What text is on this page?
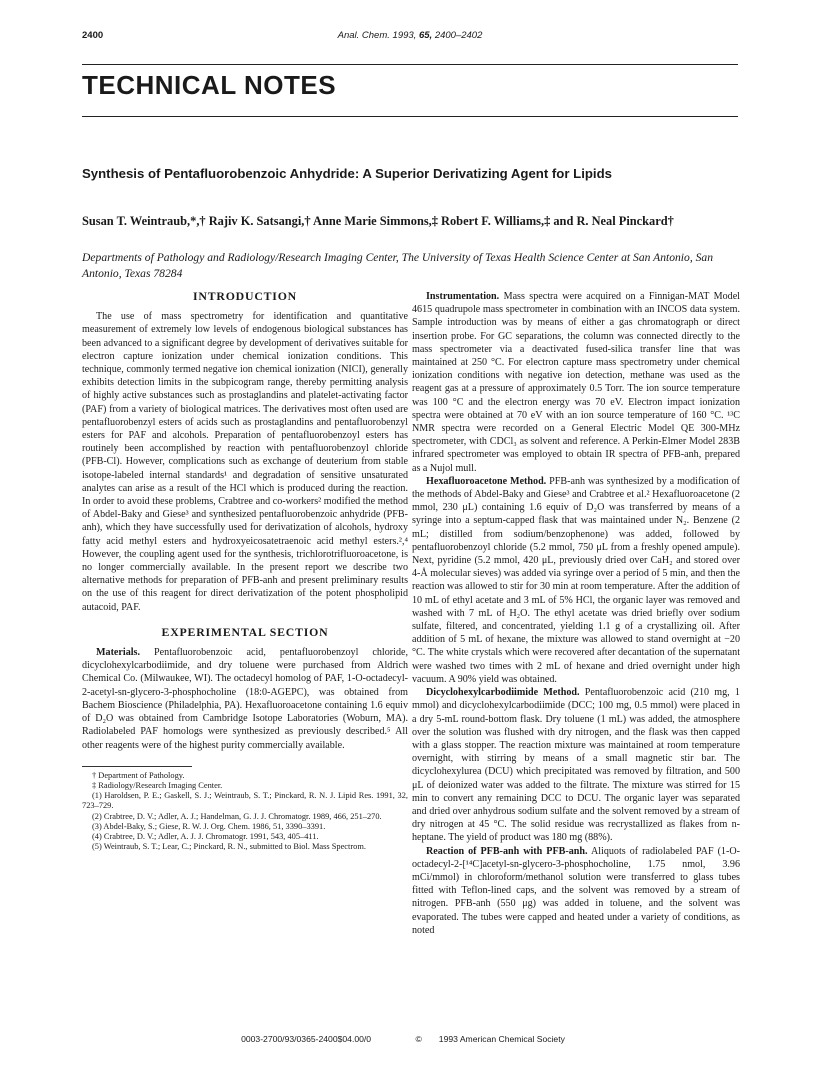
2400	Anal. Chem. 1993, 65, 2400–2402
TECHNICAL NOTES
Synthesis of Pentafluorobenzoic Anhydride: A Superior Derivatizing Agent for Lipids
Susan T. Weintraub,*,† Rajiv K. Satsangi,† Anne Marie Simmons,‡ Robert F. Williams,‡ and R. Neal Pinckard†
Departments of Pathology and Radiology/Research Imaging Center, The University of Texas Health Science Center at San Antonio, San Antonio, Texas 78284
INTRODUCTION

The use of mass spectrometry for identification and quantitative measurement of extremely low levels of endogenous biological substances has been advanced to a significant degree by development of derivatives suitable for electron capture ionization under chemical ionization conditions. This technique, commonly termed negative ion chemical ionization (NICI), generally exhibits detection limits in the subpicogram range, thereby permitting analysis of highly active substances such as prostaglandins and platelet-activating factor (PAF) from a variety of biological matrices. The derivatives most often used are pentafluorobenzyl esters of acids such as prostaglandins and pentafluorobenzyl esters for PAF and alcohols. Preparation of pentafluorobenzoyl esters has routinely been accomplished by reaction with pentafluorobenzoyl chloride (PFB-Cl). However, complications such as exchange of deuterium from stable isotope-labeled internal standards¹ and degradation of sensitive unsaturated analytes can arise as a result of the HCl which is produced during the reaction. In order to avoid these problems, Crabtree and co-workers² modified the method of Abdel-Baky and Giese³ and synthesized pentafluorobenzoic anhydride (PFB-anh), which they have successfully used for derivatization of alcohols, hydroxy fatty acid methyl esters and hydroxyeicosatetraenoic acid methyl esters.²,⁴ However, the coupling agent used for the synthesis, trichlorotrifluoroacetone, is no longer commercially available. In the present report we describe two alternative methods for preparation of PFB-anh and present preliminary results on the use of this reagent for direct derivatization of the potent phospholipid autacoid, PAF.

EXPERIMENTAL SECTION

Materials. Pentafluorobenzoic acid, pentafluorobenzoyl chloride, dicyclohexylcarbodiimide, and dry toluene were purchased from Aldrich Chemical Co. (Milwaukee, WI). The octadecyl homolog of PAF, 1-O-octadecyl-2-acetyl-sn-glycero-3-phosphocholine (18:0-AGEPC), was obtained from Bachem Bioscience (Philadelphia, PA). Hexafluoroacetone containing 1.6 equiv of D₂O was obtained from Cambridge Isotope Laboratories (Woburn, MA). Radiolabeled PAF homologs were synthesized as previously described.⁵ All other reagents were of the highest purity commercially available.

† Department of Pathology.

‡ Radiology/Research Imaging Center.

(1) Haroldsen, P. E.; Gaskell, S. J.; Weintraub, S. T.; Pinckard, R. N. J. Lipid Res. 1991, 32, 723–729.

(2) Crabtree, D. V.; Adler, A. J.; Handelman, G. J. J. Chromatogr. 1989, 466, 251–270.

(3) Abdel-Baky, S.; Giese, R. W. J. Org. Chem. 1986, 51, 3390–3391.

(4) Crabtree, D. V.; Adler, A. J. J. Chromatogr. 1991, 543, 405–411.

(5) Weintraub, S. T.; Lear, C.; Pinckard, R. N., submitted to Biol. Mass Spectrom.

Instrumentation. Mass spectra were acquired on a Finnigan-MAT Model 4615 quadrupole mass spectrometer in combination with an INCOS data system. Sample introduction was by means of either a gas chromatograph or direct insertion probe. For GC separations, the column was connected directly to the mass spectrometer via a deactivated fused-silica transfer line that was maintained at 250 °C. For electron capture mass spectrometry under chemical ionization conditions with negative ion detection, methane was used as the reagent gas at a pressure of approximately 0.5 Torr. The ion source temperature was 100 °C and the electron energy was 70 eV. Electron impact ionization spectra were obtained at 70 eV with an ion source temperature of 160 °C. ¹³C NMR spectra were recorded on a General Electric Model QE 300-MHz spectrometer, with CDCl₃ as solvent and reference. A Perkin-Elmer Model 283B infrared spectrometer was employed to obtain IR spectra of PFB-anh, prepared as a Nujol mull.

Hexafluoroacetone Method. PFB-anh was synthesized by a modification of the methods of Abdel-Baky and Giese³ and Crabtree et al.² Hexafluoroacetone (2 mmol, 230 μL) containing 1.6 equiv of D₂O was transferred by means of a syringe into a septum-capped flask that was maintained under N₂. Benzene (2 mL; distilled from sodium/benzophenone) was added, followed by pentafluorobenzoyl chloride (5.2 mmol, 750 μL from a freshly opened ampule). Next, pyridine (5.2 mmol, 420 μL, previously dried over CaH₂ and stored over 4-Å molecular sieves) was added via syringe over a period of 5 min, and then the reaction was allowed to stir for 30 min at room temperature. After the addition of 10 mL of ethyl acetate and 3 mL of 5% HCl, the organic layer was removed and washed with 7 mL of H₂O. The ethyl acetate was dried briefly over sodium sulfate, filtered, and concentrated, yielding 1.1 g of a crystallizing oil. After addition of 5 mL of hexane, the mixture was allowed to stand overnight at −20 °C. The white crystals which were recovered after decantation of the supernatant were washed two times with 2 mL of hexane and dried overnight under high vacuum. A 90% yield was obtained.

Dicyclohexylcarbodiimide Method. Pentafluorobenzoic acid (210 mg, 1 mmol) and dicyclohexylcarbodiimide (DCC; 100 mg, 0.5 mmol) were placed in a dry 5-mL round-bottom flask. Dry toluene (1 mL) was added, the atmosphere over the solution was flushed with dry nitrogen, and the flask was then capped with a glass stopper. The reaction mixture was maintained at room temperature overnight, with stirring by means of a small magnetic stir bar. The dicyclohexylurea (DCU) which precipitated was removed by filtration, and 500 μL of deionized water was added to the filtrate. The mixture was stirred for 15 min to convert any remaining DCC to DCU. The organic layer was separated and dried over anhydrous sodium sulfate and the solvent removed by a stream of dry nitrogen at 45 °C. The solid residue was recrystallized as flakes from n-heptane. The yield of product was 180 mg (88%).

Reaction of PFB-anh with PFB-anh. Aliquots of radiolabeled PAF (1-O-octadecyl-2-[¹⁴C]acetyl-sn-glycero-3-phosphocholine, 1.75 nmol, 3.96 mCi/mmol) in chloroform/methanol solution were transferred to glass tubes fitted with Teflon-lined caps, and the solvent was removed by a stream of nitrogen. PFB-anh (550 μg) was added in toluene, and the solvent was evaporated. The tubes were capped and heated under a variety of conditions, as noted

0003-2700/93/0365-2400$04.00/0	© 1993 American Chemical Society
